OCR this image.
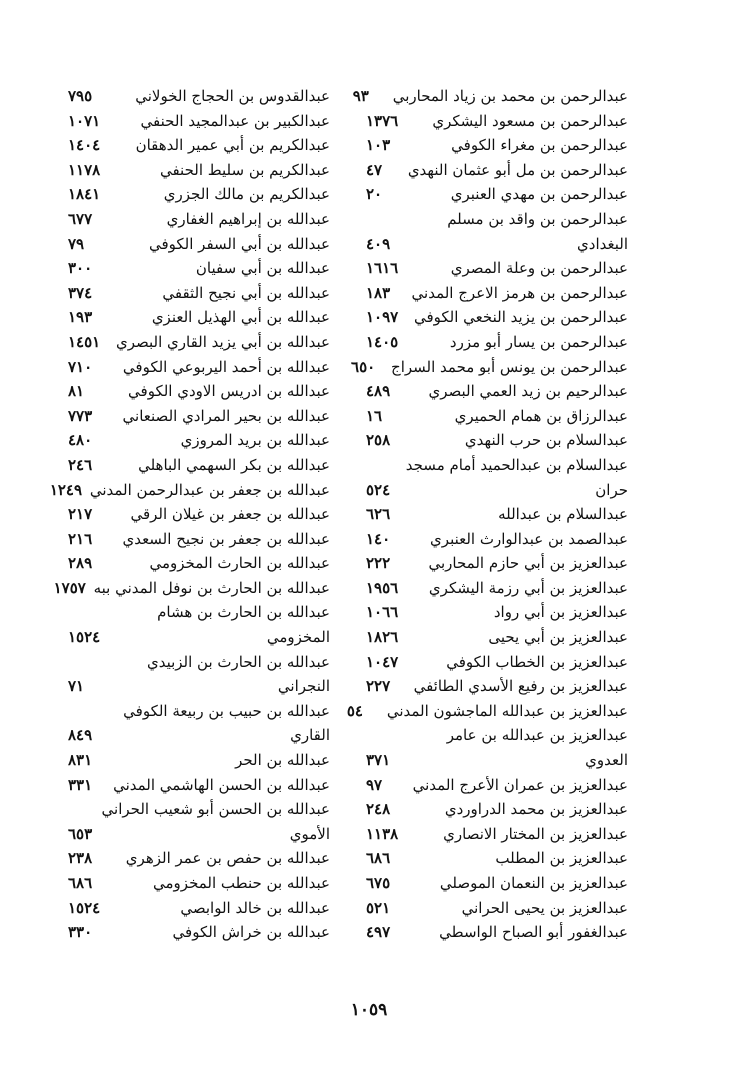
عبدالرحمن بن محمد بن زياد المحاربي
٩٣
عبدالرحمن بن مسعود اليشكري
١٣٧٦
عبدالرحمن بن مغراء الكوفي
١٠٣
عبدالرحمن بن مل أبو عثمان النهدي
٤٧
عبدالرحمن بن مهدي العنبري
٢٠
عبدالرحمن بن واقد بن مسلم
البغدادي
٤٠٩
عبدالرحمن بن وعلة المصري
١٦١٦
عبدالرحمن بن هرمز الاعرج المدني
١٨٣
عبدالرحمن بن يزيد النخعي الكوفي
١٠٩٧
عبدالرحمن بن يسار أبو مزرد
١٤٠٥
عبدالرحمن بن يونس أبو محمد السراج
٦٥٠
عبدالرحيم بن زيد العمي البصري
٤٨٩
عبدالرزاق بن همام الحميري
١٦
عبدالسلام بن حرب النهدي
٢٥٨
عبدالسلام بن عبدالحميد أمام مسجد
حران
٥٢٤
عبدالسلام بن عبدالله
٦٢٦
عبدالصمد بن عبدالوارث العنبري
١٤٠
عبدالعزيز بن أبي حازم المحاربي
٢٢٢
عبدالعزيز بن أبي رزمة اليشكري
١٩٥٦
عبدالعزيز بن أبي رواد
١٠٦٦
عبدالعزيز بن أبي يحيى
١٨٢٦
عبدالعزيز بن الخطاب الكوفي
١٠٤٧
عبدالعزيز بن رفيع الأسدي الطائفي
٢٢٧
عبدالعزيز بن عبدالله الماجشون المدني
٥٤
عبدالعزيز بن عبدالله بن عامر
العدوي
٣٧١
عبدالعزيز بن عمران الأعرج المدني
٩٧
عبدالعزيز بن محمد الدراوردي
٢٤٨
عبدالعزيز بن المختار الانصاري
١١٣٨
عبدالعزيز بن المطلب
٦٨٦
عبدالعزيز بن النعمان الموصلي
٦٧٥
عبدالعزيز بن يحيى الحراني
٥٢١
عبدالغفور أبو الصباح الواسطي
٤٩٧
عبدالقدوس بن الحجاج الخولاني
٧٩٥
عبدالكبير بن عبدالمجيد الحنفي
١٠٧١
عبدالكريم بن أبي عمير الدهقان
١٤٠٤
عبدالكريم بن سليط الحنفي
١١٧٨
عبدالكريم بن مالك الجزري
١٨٤١
عبدالله بن إبراهيم الغفاري
٦٧٧
عبدالله بن أبي السفر الكوفي
٧٩
عبدالله بن أبي سفيان
٣٠٠
عبدالله بن أبي نجيح الثقفي
٣٧٤
عبدالله بن أبي الهذيل العنزي
١٩٣
عبدالله بن أبي يزيد القاري البصري
١٤٥١
عبدالله بن أحمد اليربوعي الكوفي
٧١٠
عبدالله بن ادريس الاودي الكوفي
٨١
عبدالله بن بحير المرادي الصنعاني
٧٧٣
عبدالله بن بريد المروزي
٤٨٠
عبدالله بن بكر السهمي الباهلي
٢٤٦
عبدالله بن جعفر بن عبدالرحمن المدني
١٢٤٩
عبدالله بن جعفر بن غيلان الرقي
٢١٧
عبدالله بن جعفر بن نجيح السعدي
٢١٦
عبدالله بن الحارث المخزومي
٢٨٩
عبدالله بن الحارث بن نوفل المدني ببه
١٧٥٧
عبدالله بن الحارث بن هشام
المخزومي
١٥٢٤
عبدالله بن الحارث بن الزبيدي
النجراني
٧١
عبدالله بن حبيب بن ربيعة الكوفي
القاري
٨٤٩
عبدالله بن الحر
٨٣١
عبدالله بن الحسن الهاشمي المدني
٣٣١
عبدالله بن الحسن أبو شعيب الحراني
الأموي
٦٥٣
عبدالله بن حفص بن عمر الزهري
٢٣٨
عبدالله بن حنطب المخزومي
٦٨٦
عبدالله بن خالد الوابصي
١٥٢٤
عبدالله بن خراش الكوفي
٣٣٠
١٠٥٩
